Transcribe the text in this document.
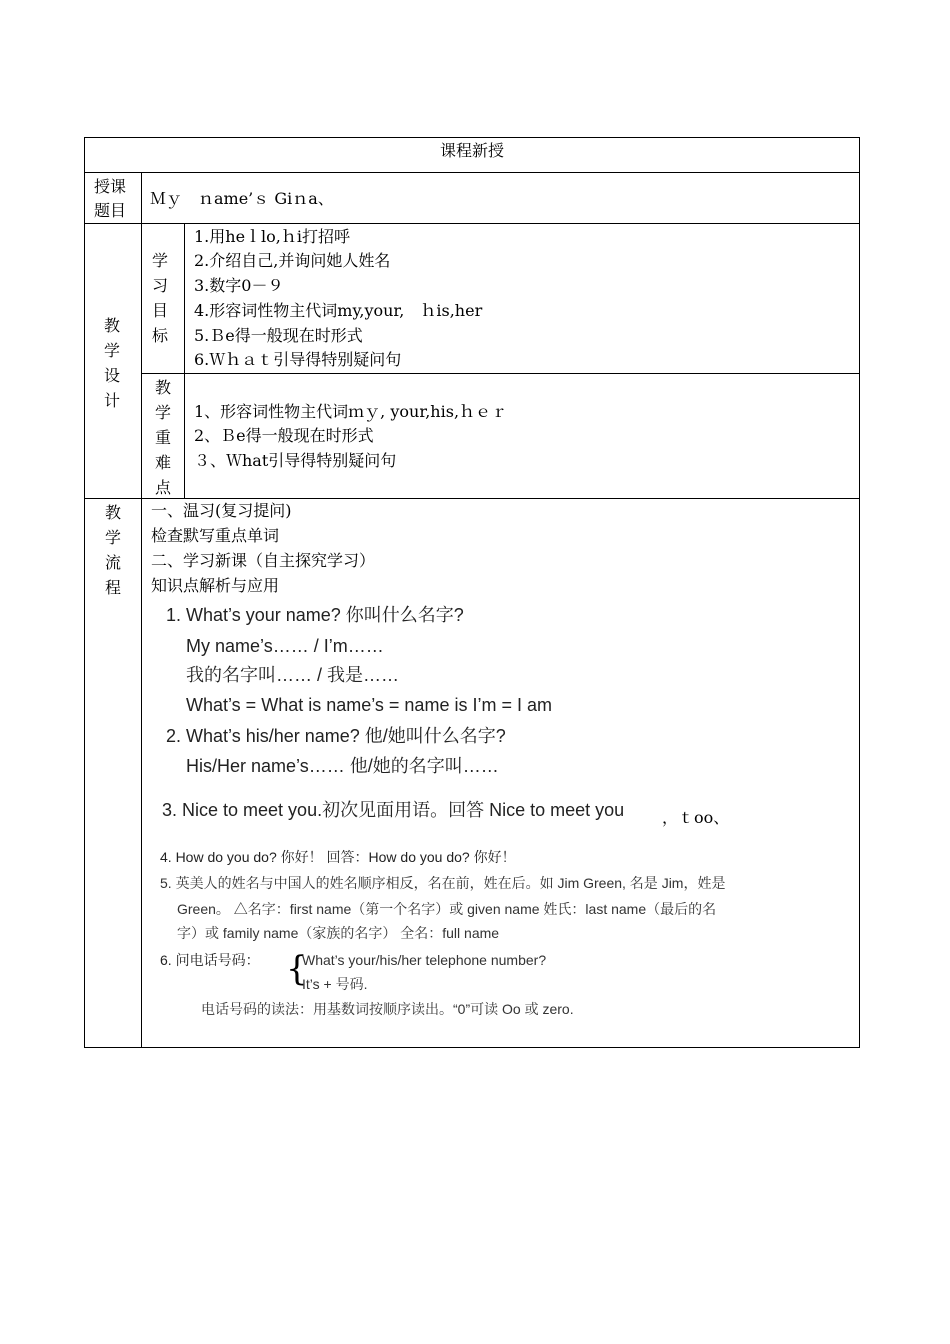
课程新授
授课
题目
Ｍｙ　ｎame’ｓ Giｎa、
教
学
设
计
学
习
目
标
1.用heｌlo,ｈi打招呼
2.介绍自己,并询问她人姓名
3.数字0－９
4.形容词性物主代词my,your,　ｈis,her
5.Ｂe得一般现在时形式
6.Ｗｈａｔ引导得特别疑问句
教
学
重
难
点
1、形容词性物主代词ｍｙ, your,his,ｈｅｒ
2、Ｂe得一般现在时形式
３、Ｗhat引导得特别疑问句
教
学
流
程
一、温习(复习提问)
检查默写重点单词
二、学习新课（自主探究学习）
知识点解析与应用
1. What’s your name? 你叫什么名字?
My name’s…… / I’m……
我的名字叫…… / 我是……
What’s = What is name’s = name is I’m = I am
2. What’s his/her name? 他/她叫什么名字?
His/Her name’s…… 他/她的名字叫……
3. Nice to meet you.初次见面用语。回答 Nice to meet you ，ｔoo、
4. How do you do? 你好！ 回答：How do you do? 你好！
5. 英美人的姓名与中国人的姓名顺序相反，名在前，姓在后。如 Jim Green, 名是 Jim，姓是
Green。 △名字：first name（第一个名字）或 given name 姓氏：last name（最后的名
字）或 family name（家族的名字） 全名：full name
6. 问电话号码： {
What’s your/his/her telephone number?
It’s + 号码.
电话号码的读法：用基数词按顺序读出。“0”可读 Oo 或 zero.
